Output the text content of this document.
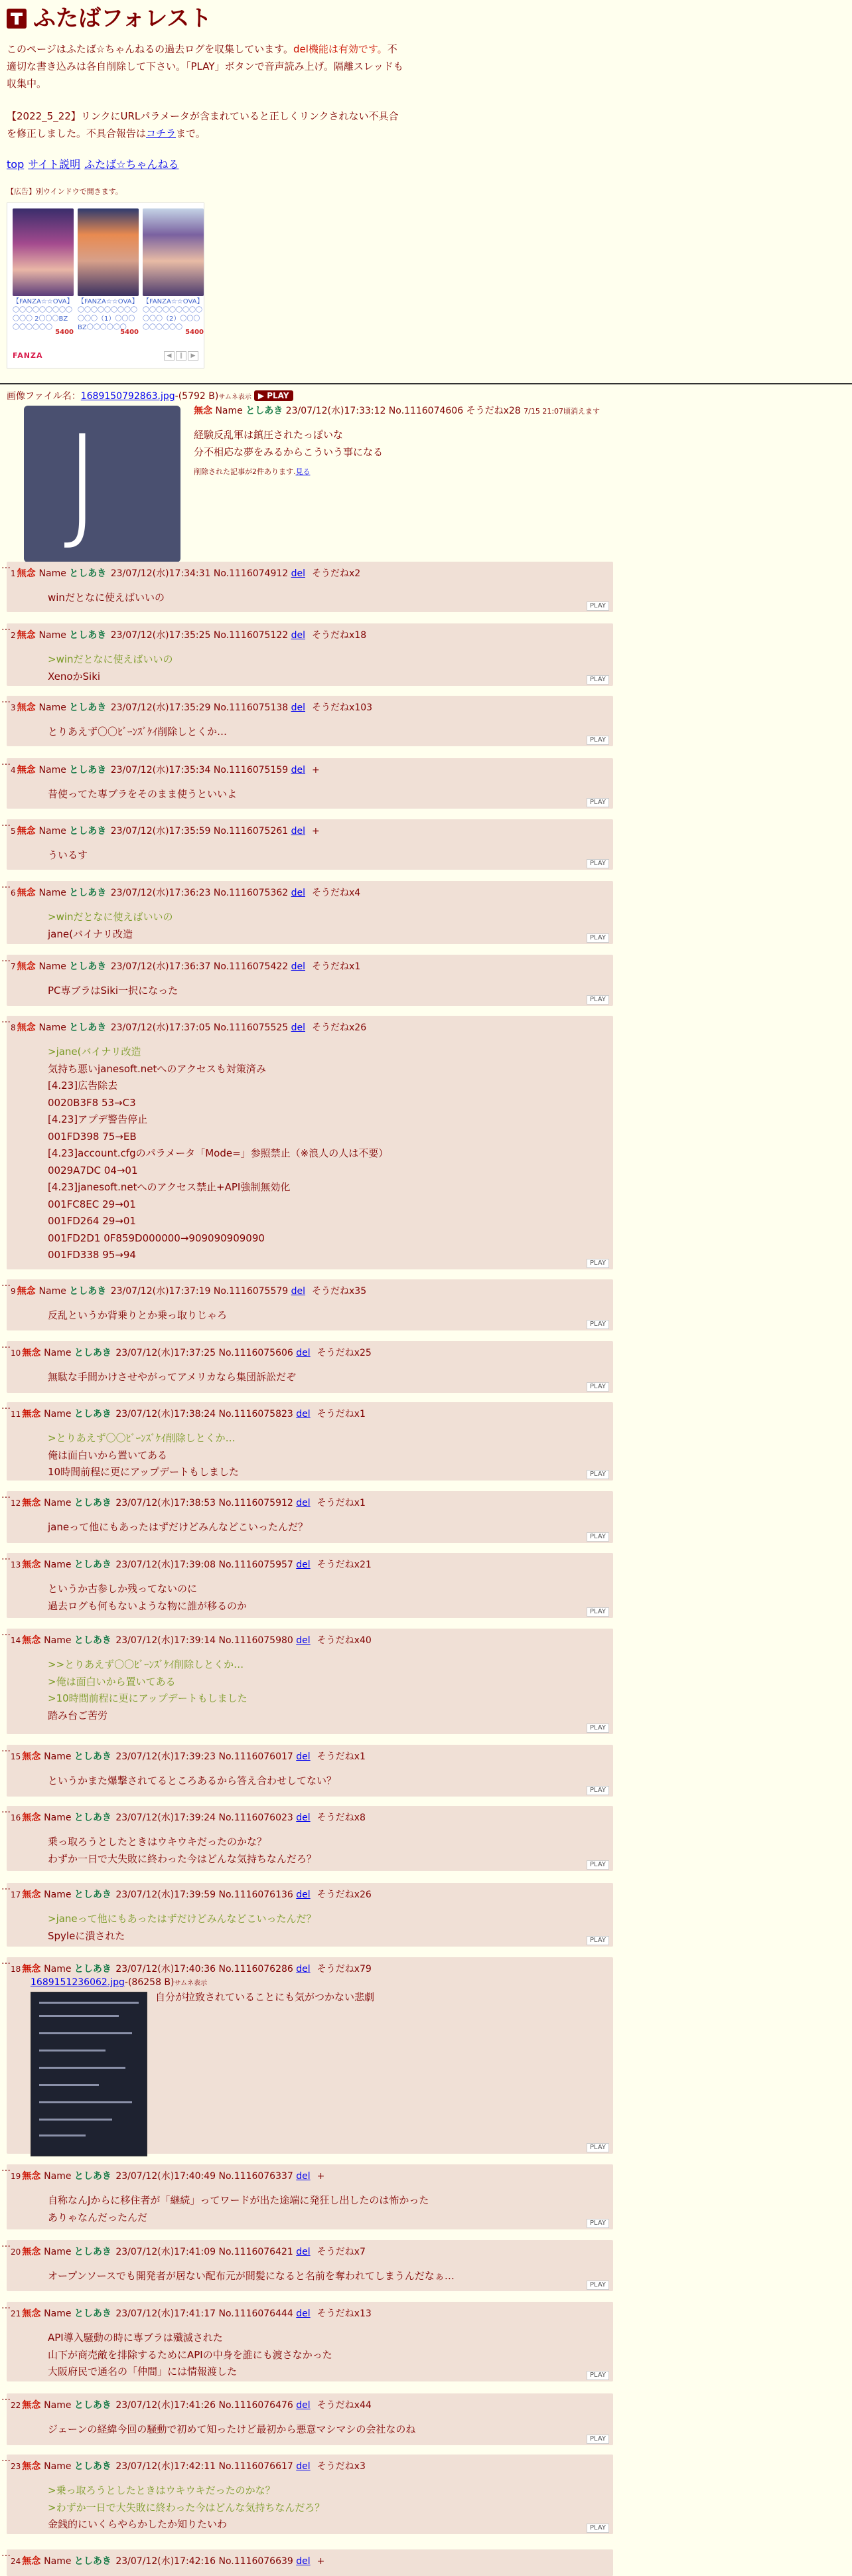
ふたばフォレスト
このページはふたば☆ちゃんねるの過去ログを収集しています。del機能は有効です。不適切な書き込みは各自削除して下さい。「PLAY」ボタンで音声読み上げ。隔離スレッドも収集中。
【2022_5_22】リンクにURLパラメータが含まれていると正しくリンクされない不具合を修正しました。不具合報告はコチラまで。
top サイト説明 ふたば☆ちゃんねる
【広告】別ウインドウで開きます。
【FANZA☆☆OVA】〇〇〇〇〇〇〇〇〇〇〇〇 2〇〇〇BZ〇〇〇〇〇〇
5400
【FANZA☆☆OVA】〇〇〇〇〇〇〇〇〇〇〇〇（1）〇〇〇BZ〇〇〇〇〇〇
5400
【FANZA☆☆OVA】〇〇〇〇〇〇〇〇〇〇〇〇（2）〇〇〇〇〇〇〇〇〇
5400
FANZA	◀	‖	▶
画像ファイル名：1689150792863.jpg-(5792 B)サムネ表示 ▶ PLAY
J	無念 Name としあき 23/07/12(水)17:33:12 No.1116074606 そうだねx28 7/15 21:07頃消えます
経験反乱軍は鎮圧されたっぽいな
分不相応な夢をみるからこういう事になる
削除された記事が2件あります.見る
…
1 無念 Name としあき 23/07/12(水)17:34:31 No.1116074912 del そうだねx2
winだとなに使えばいいの
PLAY
…
2 無念 Name としあき 23/07/12(水)17:35:25 No.1116075122 del そうだねx18
>winだとなに使えばいいの
XenoかSiki	PLAY
…
3 無念 Name としあき 23/07/12(水)17:35:29 No.1116075138 del そうだねx103
とりあえず〇〇ﾋﾞｰﾝｽﾞｹｲ削除しとくか…
PLAY
…
4 無念 Name としあき 23/07/12(水)17:35:34 No.1116075159 del +
昔使ってた専ブラをそのまま使うといいよ
PLAY
…
5 無念 Name としあき 23/07/12(水)17:35:59 No.1116075261 del +
ういるす
PLAY
…
6 無念 Name としあき 23/07/12(水)17:36:23 No.1116075362 del そうだねx4
>winだとなに使えばいいの
jane(バイナリ改造	PLAY
…
7 無念 Name としあき 23/07/12(水)17:36:37 No.1116075422 del そうだねx1
PC専ブラはSiki一択になった
PLAY
…
8 無念 Name としあき 23/07/12(水)17:37:05 No.1116075525 del そうだねx26
>jane(バイナリ改造
気持ち悪いjanesoft.netへのアクセスも対策済み
[4.23]広告除去
0020B3F8 53→C3
[4.23]アプデ警告停止
001FD398 75→EB
[4.23]account.cfgのパラメータ「Mode=」参照禁止（※浪人の人は不要）
0029A7DC 04→01
[4.23]janesoft.netへのアクセス禁止+API強制無効化
001FC8EC 29→01
001FD264 29→01
001FD2D1 0F859D000000→909090909090
001FD338 95→94
PLAY
…
9 無念 Name としあき 23/07/12(水)17:37:19 No.1116075579 del そうだねx35
反乱というか背乗りとか乗っ取りじゃろ
PLAY
…
10 無念 Name としあき 23/07/12(水)17:37:25 No.1116075606 del そうだねx25
無駄な手間かけさせやがってアメリカなら集団訴訟だぞ
PLAY
…
11 無念 Name としあき 23/07/12(水)17:38:24 No.1116075823 del そうだねx1
>とりあえず〇〇ﾋﾞｰﾝｽﾞｹｲ削除しとくか…
俺は面白いから置いてある
10時間前程に更にアップデートもしました	PLAY
…
12 無念 Name としあき 23/07/12(水)17:38:53 No.1116075912 del そうだねx1
janeって他にもあったはずだけどみんなどこいったんだ？
PLAY
…
13 無念 Name としあき 23/07/12(水)17:39:08 No.1116075957 del そうだねx21
というか古参しか残ってないのに
過去ログも何もないような物に誰が移るのか	PLAY
…
14 無念 Name としあき 23/07/12(水)17:39:14 No.1116075980 del そうだねx40
>>とりあえず〇〇ﾋﾞｰﾝｽﾞｹｲ削除しとくか…
>俺は面白いから置いてある
>10時間前程に更にアップデートもしました
踏み台ご苦労
PLAY
…
15 無念 Name としあき 23/07/12(水)17:39:23 No.1116076017 del そうだねx1
というかまた爆撃されてるところあるから答え合わせしてない？
PLAY
…
16 無念 Name としあき 23/07/12(水)17:39:24 No.1116076023 del そうだねx8
乗っ取ろうとしたときはウキウキだったのかな？
わずか一日で大失敗に終わった今はどんな気持ちなんだろ？	PLAY
…
17 無念 Name としあき 23/07/12(水)17:39:59 No.1116076136 del そうだねx26
>janeって他にもあったはずだけどみんなどこいったんだ？
Spyleに潰された	PLAY
…
18 無念 Name としあき 23/07/12(水)17:40:36 No.1116076286 del そうだねx79
1689151236062.jpg-(86258 B)サムネ表示
自分が拉致されていることにも気がつかない悲劇
PLAY
…
19 無念 Name としあき 23/07/12(水)17:40:49 No.1116076337 del +
自称なんJからに移住者が「継続」ってワードが出た途端に発狂し出したのは怖かった
ありゃなんだったんだ	PLAY
…
20 無念 Name としあき 23/07/12(水)17:41:09 No.1116076421 del そうだねx7
オープンソースでも開発者が居ない配布元が間髪になると名前を奪われてしまうんだなぁ…
PLAY
…
21 無念 Name としあき 23/07/12(水)17:41:17 No.1116076444 del そうだねx13
API導入騒動の時に専ブラは殲滅された
山下が商売敵を排除するためにAPIの中身を誰にも渡さなかった
大阪府民で通名の「仲間」には情報渡した	PLAY
…
22 無念 Name としあき 23/07/12(水)17:41:26 No.1116076476 del そうだねx44
ジェーンの経緯今回の騒動で初めて知ったけど最初から悪意マシマシの会社なのね
PLAY
…
23 無念 Name としあき 23/07/12(水)17:42:11 No.1116076617 del そうだねx3
>乗っ取ろうとしたときはウキウキだったのかな？
>わずか一日で大失敗に終わった今はどんな気持ちなんだろ？
金銭的にいくらやらかしたか知りたいわ	PLAY
…
24 無念 Name としあき 23/07/12(水)17:42:16 No.1116076639 del +
